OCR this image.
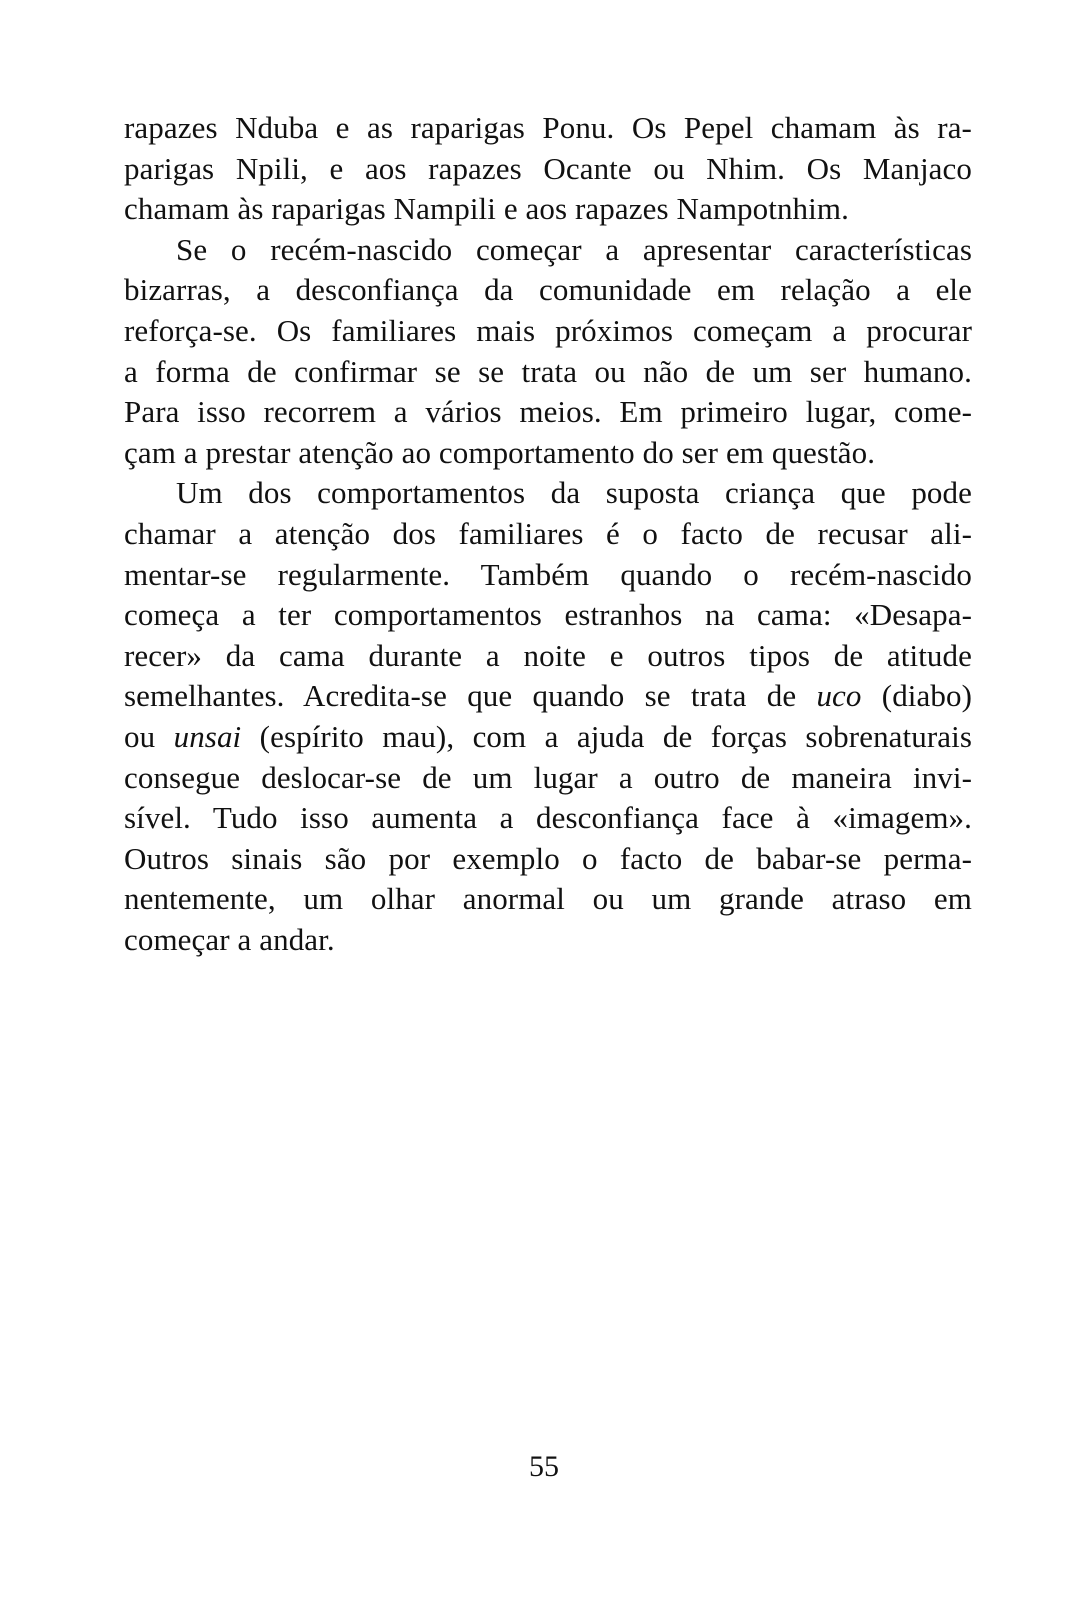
rapazes Nduba e as raparigas Ponu. Os Pepel chamam às ra-
parigas Npili, e aos rapazes Ocante ou Nhim. Os Manjaco
chamam às raparigas Nampili e aos rapazes Nampotnhim.
Se o recém-nascido começar a apresentar características
bizarras, a desconfiança da comunidade em relação a ele
reforça-se. Os familiares mais próximos começam a procurar
a forma de confirmar se se trata ou não de um ser humano.
Para isso recorrem a vários meios. Em primeiro lugar, come-
çam a prestar atenção ao comportamento do ser em questão.
Um dos comportamentos da suposta criança que pode
chamar a atenção dos familiares é o facto de recusar ali-
mentar-se regularmente. Também quando o recém-nascido
começa a ter comportamentos estranhos na cama: «Desapa-
recer» da cama durante a noite e outros tipos de atitude
semelhantes. Acredita-se que quando se trata de uco (diabo)
ou unsai (espírito mau), com a ajuda de forças sobrenaturais
consegue deslocar-se de um lugar a outro de maneira invi-
sível. Tudo isso aumenta a desconfiança face à «imagem».
Outros sinais são por exemplo o facto de babar-se perma-
nentemente, um olhar anormal ou um grande atraso em
começar a andar.
55
